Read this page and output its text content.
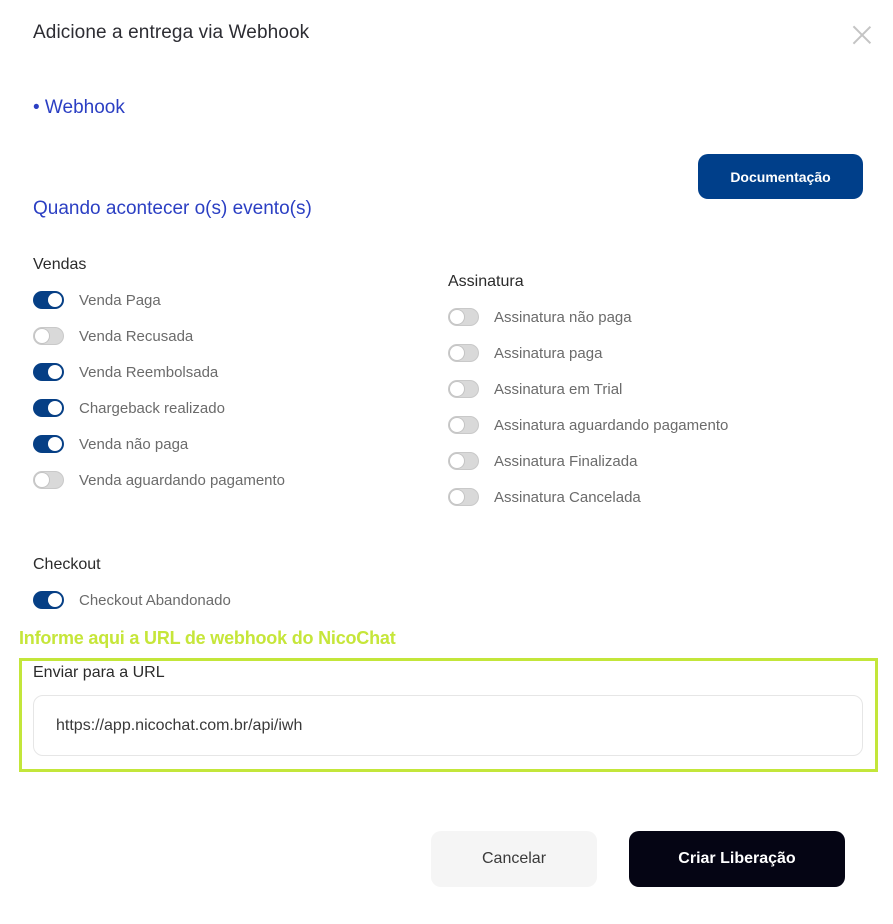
Adicione a entrega via Webhook
• Webhook
Documentação
Quando acontecer o(s) evento(s)
Vendas
Venda Paga
Venda Recusada
Venda Reembolsada
Chargeback realizado
Venda não paga
Venda aguardando pagamento
Assinatura
Assinatura não paga
Assinatura paga
Assinatura em Trial
Assinatura aguardando pagamento
Assinatura Finalizada
Assinatura Cancelada
Checkout
Checkout Abandonado
Informe aqui a URL de webhook do NicoChat
Enviar para a URL
https://app.nicochat.com.br/api/iwh
Cancelar	Criar Liberação
